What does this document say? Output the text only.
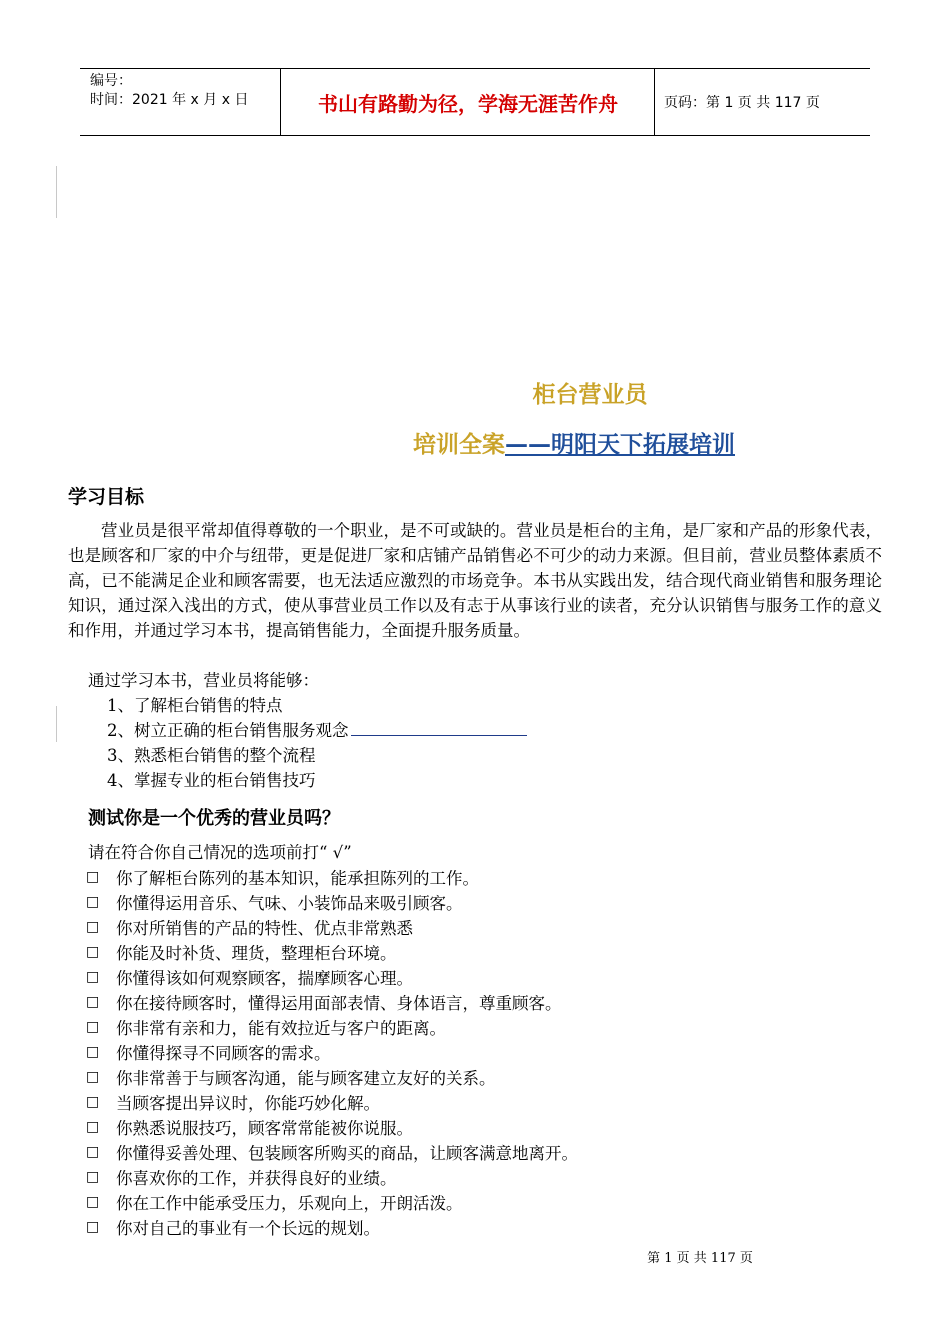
编号：
时间：2021 年 x 月 x 日	书山有路勤为径，学海无涯苦作舟	页码：第 1 页 共 117 页
柜台营业员
培训全案——明阳天下拓展培训
学习目标
营业员是很平常却值得尊敬的一个职业，是不可或缺的。营业员是柜台的主角，是厂家和产品的形象代表，也是顾客和厂家的中介与纽带，更是促进厂家和店铺产品销售必不可少的动力来源。但目前，营业员整体素质不高，已不能满足企业和顾客需要，也无法适应激烈的市场竞争。本书从实践出发，结合现代商业销售和服务理论知识，通过深入浅出的方式，使从事营业员工作以及有志于从事该行业的读者，充分认识销售与服务工作的意义和作用，并通过学习本书，提高销售能力，全面提升服务质量。
通过学习本书，营业员将能够：
1、了解柜台销售的特点
2、树立正确的柜台销售服务观念
3、熟悉柜台销售的整个流程
4、掌握专业的柜台销售技巧
测试你是一个优秀的营业员吗？
请在符合你自己情况的选项前打“ √”
□	你了解柜台陈列的基本知识，能承担陈列的工作。
□	你懂得运用音乐、气味、小装饰品来吸引顾客。
□	你对所销售的产品的特性、优点非常熟悉
□	你能及时补货、理货，整理柜台环境。
□	你懂得该如何观察顾客，揣摩顾客心理。
□	你在接待顾客时，懂得运用面部表情、身体语言，尊重顾客。
□	你非常有亲和力，能有效拉近与客户的距离。
□	你懂得探寻不同顾客的需求。
□	你非常善于与顾客沟通，能与顾客建立友好的关系。
□	当顾客提出异议时，你能巧妙化解。
□	你熟悉说服技巧，顾客常常能被你说服。
□	你懂得妥善处理、包装顾客所购买的商品，让顾客满意地离开。
□	你喜欢你的工作，并获得良好的业绩。
□	你在工作中能承受压力，乐观向上，开朗活泼。
□	你对自己的事业有一个长远的规划。
第 1 页 共 117 页
